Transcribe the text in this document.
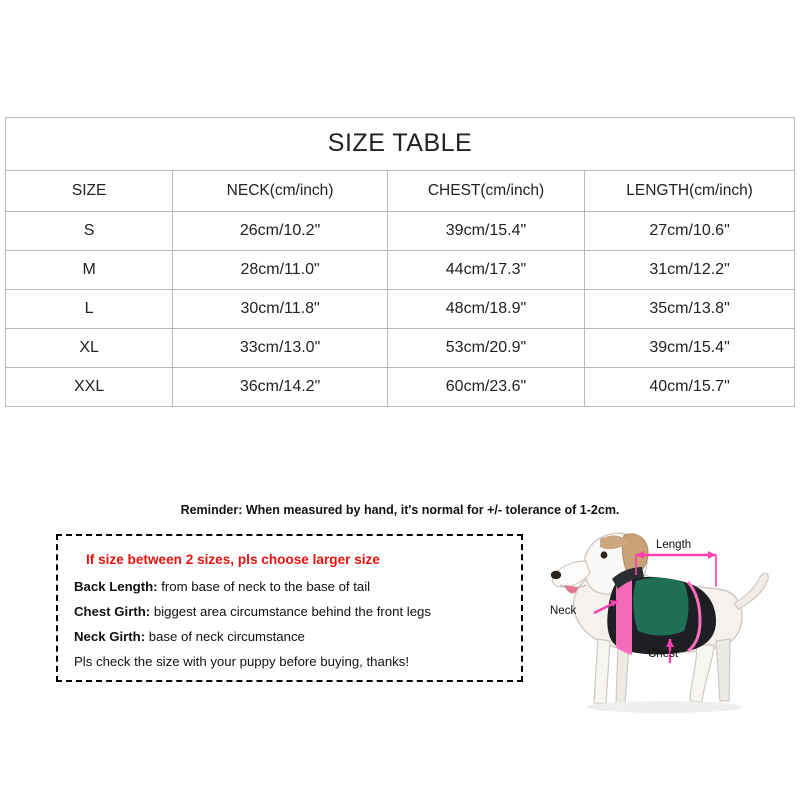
SIZE TABLE			
SIZE	NECK(cm/inch)	CHEST(cm/inch)	LENGTH(cm/inch)
S	26cm/10.2"	39cm/15.4"	27cm/10.6"
M	28cm/11.0"	44cm/17.3"	31cm/12.2"
L	30cm/11.8"	48cm/18.9"	35cm/13.8"
XL	33cm/13.0"	53cm/20.9"	39cm/15.4"
XXL	36cm/14.2"	60cm/23.6"	40cm/15.7"
Reminder: When measured by hand, it's normal for +/- tolerance of 1-2cm.
If size between 2 sizes, pls choose larger size
Back Length: from base of neck to the base of tail
Chest Girth: biggest area circumstance behind the front legs
Neck Girth: base of neck circumstance
Pls check the size with your puppy before buying, thanks!
Length
Neck
Chest
